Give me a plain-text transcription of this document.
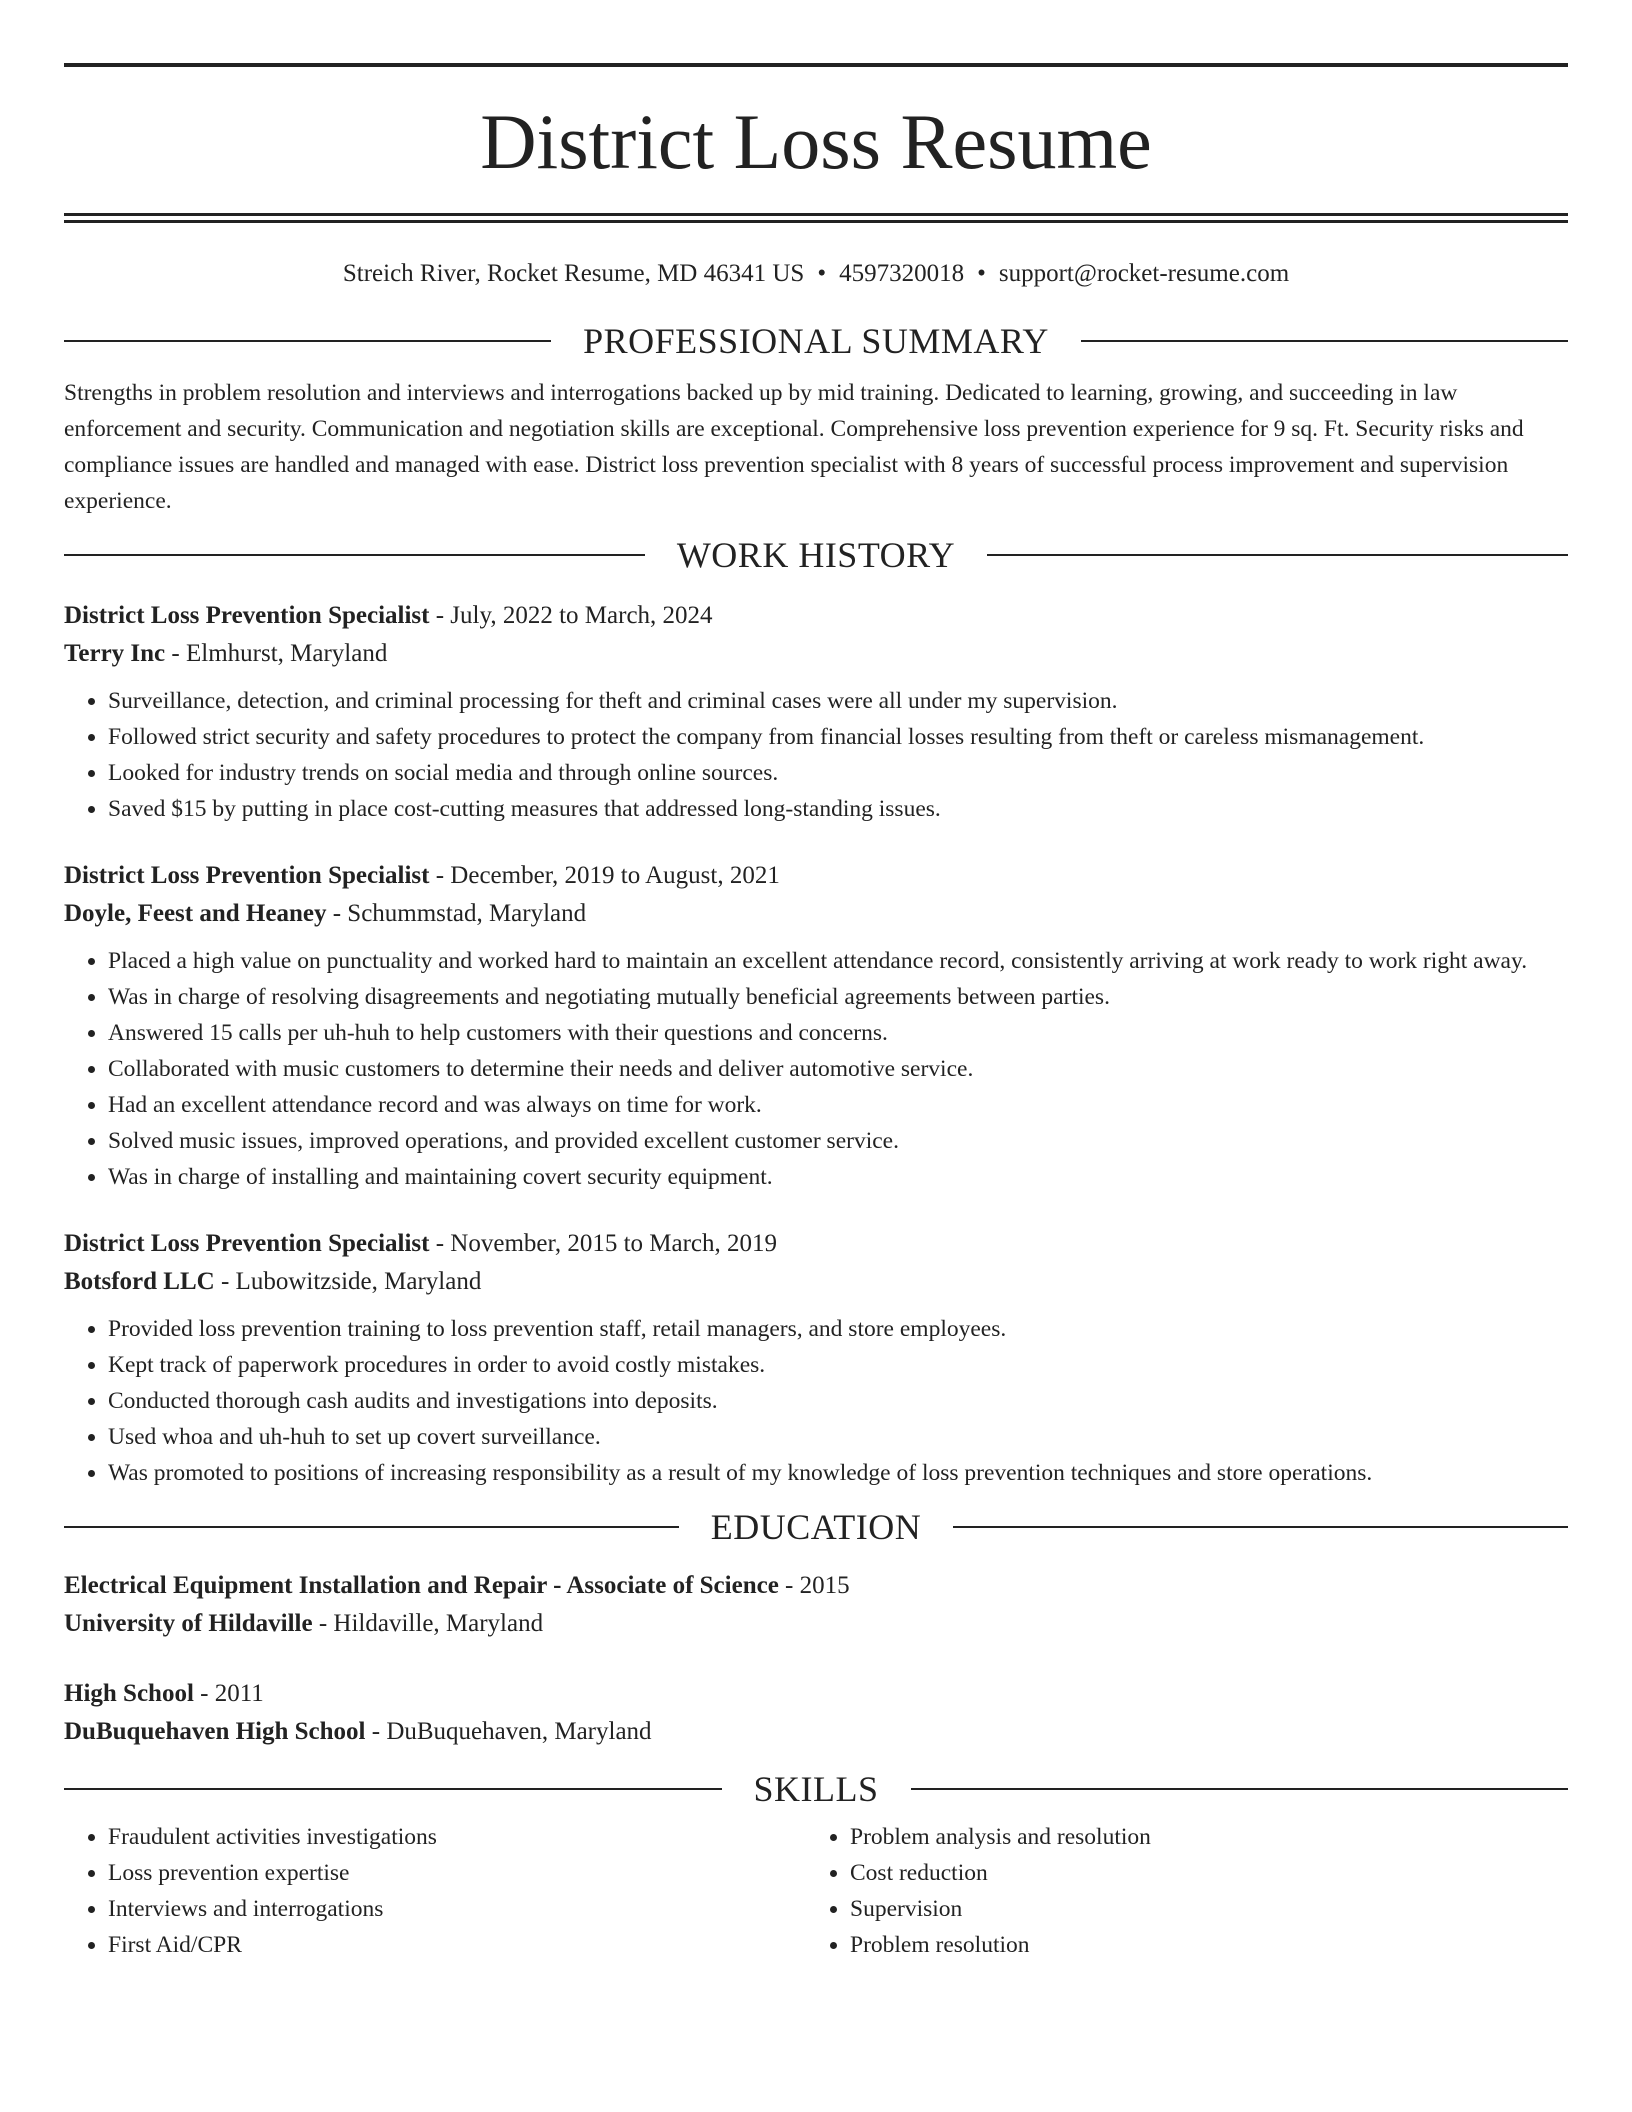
District Loss Resume
Streich River, Rocket Resume, MD 46341 US • 4597320018 • support@rocket-resume.com
PROFESSIONAL SUMMARY

Strengths in problem resolution and interviews and interrogations backed up by mid training. Dedicated to learning, growing, and succeeding in law enforcement and security. Communication and negotiation skills are exceptional. Comprehensive loss prevention experience for 9 sq. Ft. Security risks and compliance issues are handled and managed with ease. District loss prevention specialist with 8 years of successful process improvement and supervision experience.

WORK HISTORY
District Loss Prevention Specialist - July, 2022 to March, 2024
Terry Inc - Elmhurst, Maryland
• Surveillance, detection, and criminal processing for theft and criminal cases were all under my supervision.
• Followed strict security and safety procedures to protect the company from financial losses resulting from theft or careless mismanagement.
• Looked for industry trends on social media and through online sources.
• Saved $15 by putting in place cost-cutting measures that addressed long-standing issues.
District Loss Prevention Specialist - December, 2019 to August, 2021
Doyle, Feest and Heaney - Schummstad, Maryland
• Placed a high value on punctuality and worked hard to maintain an excellent attendance record, consistently arriving at work ready to work right away.
• Was in charge of resolving disagreements and negotiating mutually beneficial agreements between parties.
• Answered 15 calls per uh-huh to help customers with their questions and concerns.
• Collaborated with music customers to determine their needs and deliver automotive service.
• Had an excellent attendance record and was always on time for work.
• Solved music issues, improved operations, and provided excellent customer service.
• Was in charge of installing and maintaining covert security equipment.
District Loss Prevention Specialist - November, 2015 to March, 2019
Botsford LLC - Lubowitzside, Maryland
• Provided loss prevention training to loss prevention staff, retail managers, and store employees.
• Kept track of paperwork procedures in order to avoid costly mistakes.
• Conducted thorough cash audits and investigations into deposits.
• Used whoa and uh-huh to set up covert surveillance.
• Was promoted to positions of increasing responsibility as a result of my knowledge of loss prevention techniques and store operations.
EDUCATION
Electrical Equipment Installation and Repair - Associate of Science - 2015
University of Hildaville - Hildaville, Maryland
High School - 2011
DuBuquehaven High School - DuBuquehaven, Maryland
SKILLS
• Fraudulent activities investigations
• Loss prevention expertise
• Interviews and interrogations
• First Aid/CPR
• Problem analysis and resolution
• Cost reduction
• Supervision
• Problem resolution
